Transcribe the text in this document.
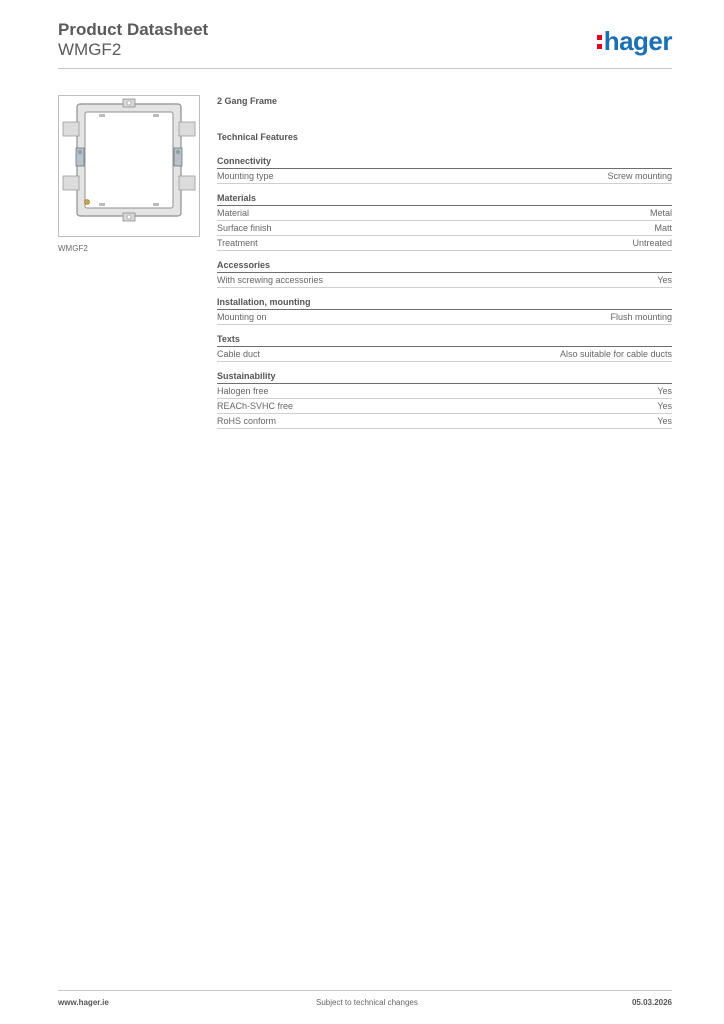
Product Datasheet
WMGF2	hager
WMGF2
2 Gang Frame
Technical Features
Connectivity
Mounting type	Screw mounting
Materials
Material	Metal
Surface finish	Matt
Treatment	Untreated
Accessories
With screwing accessories	Yes
Installation, mounting
Mounting on	Flush mounting
Texts
Cable duct	Also suitable for cable ducts
Sustainability
Halogen free	Yes
REACh-SVHC free	Yes
RoHS conform	Yes
www.hager.ie	Subject to technical changes	05.03.2026
